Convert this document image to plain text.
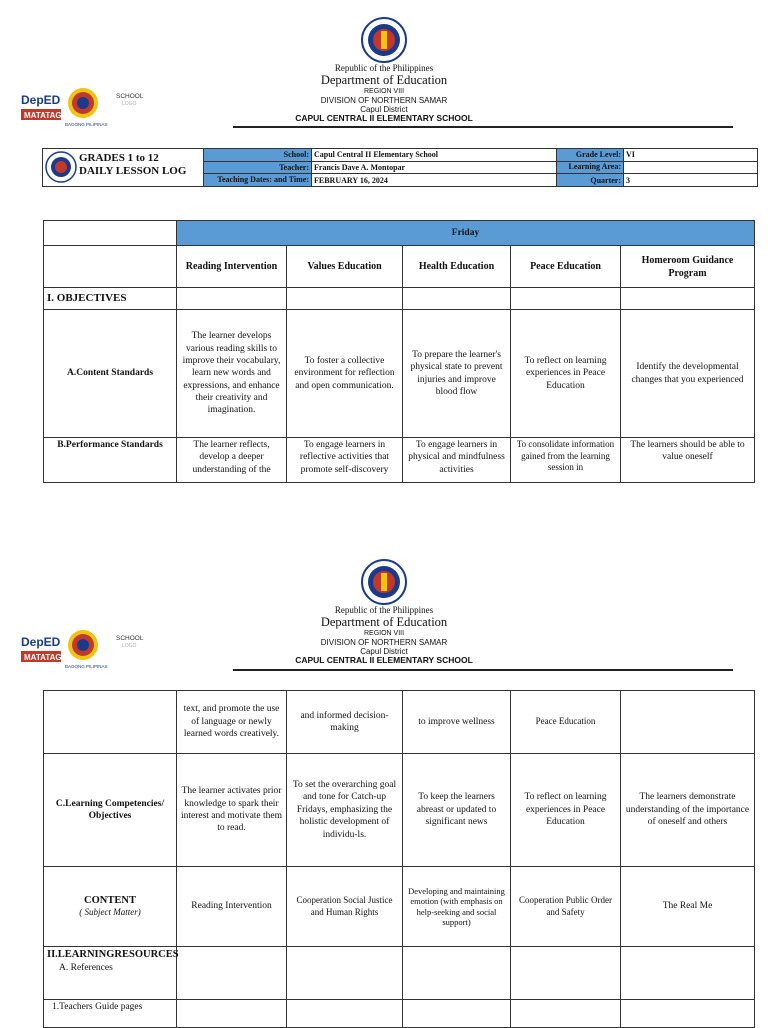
Republic of the Philippines
Department of Education
REGION VIII
DIVISION OF NORTHERN SAMAR
Capul District
CAPUL CENTRAL II ELEMENTARY SCHOOL
DepED
MATATAG
BAGONG PILIPINAS
SCHOOL
LOGO
GRADES 1 to 12
DAILY LESSON LOG	School:	Capul Central II Elementary School	Grade Level:	VI
	Teacher:	Francis Dave A. Montopar	Learning Area:	
	Teaching Dates: and Time:	FEBRUARY 16, 2024	Quarter:	3
	Friday				
	Reading Intervention	Values Education	Health Education	Peace Education	Homeroom Guidance Program
I. OBJECTIVES					
A.Content Standards	The learner develops various reading skills to improve their vocabulary, learn new words and expressions, and enhance their creativity and imagination.	To foster a collective environment for reflection and open communication.	To prepare the learner's physical state to prevent injuries and improve blood flow	To reflect on learning experiences in Peace Education	Identify the developmental changes that you experienced
B.Performance Standards	The learner reflects, develop a deeper understanding of the	To engage learners in reflective activities that promote self-discovery	To engage learners in physical and mindfulness activities	To consolidate information gained from the learning session in	The learners should be able to value oneself
Republic of the Philippines
Department of Education
REGION VIII
DIVISION OF NORTHERN SAMAR
Capul District
CAPUL CENTRAL II ELEMENTARY SCHOOL
DepED
MATATAG
BAGONG PILIPINAS
SCHOOL
LOGO
	text, and promote the use of language or newly learned words creatively.	and informed decision-making	to improve wellness	Peace Education	
C.Learning Competencies/ Objectives	The learner activates prior knowledge to spark their interest and motivate them to read.	To set the overarching goal and tone for Catch-up Fridays, emphasizing the holistic development of individu-ls.	To keep the learners abreast or updated to significant news	To reflect on learning experiences in Peace Education	The learners demonstrate understanding of the importance of oneself and others

CONTENT
( Subject Matter)	Reading Intervention	Cooperation Social Justice and Human Rights	Developing and maintaining emotion (with emphasis on help-seeking and social support)	Cooperation Public Order and Safety	The Real Me

II.LEARNINGRESOURCES
A. References					

1.Teachers Guide pages					
